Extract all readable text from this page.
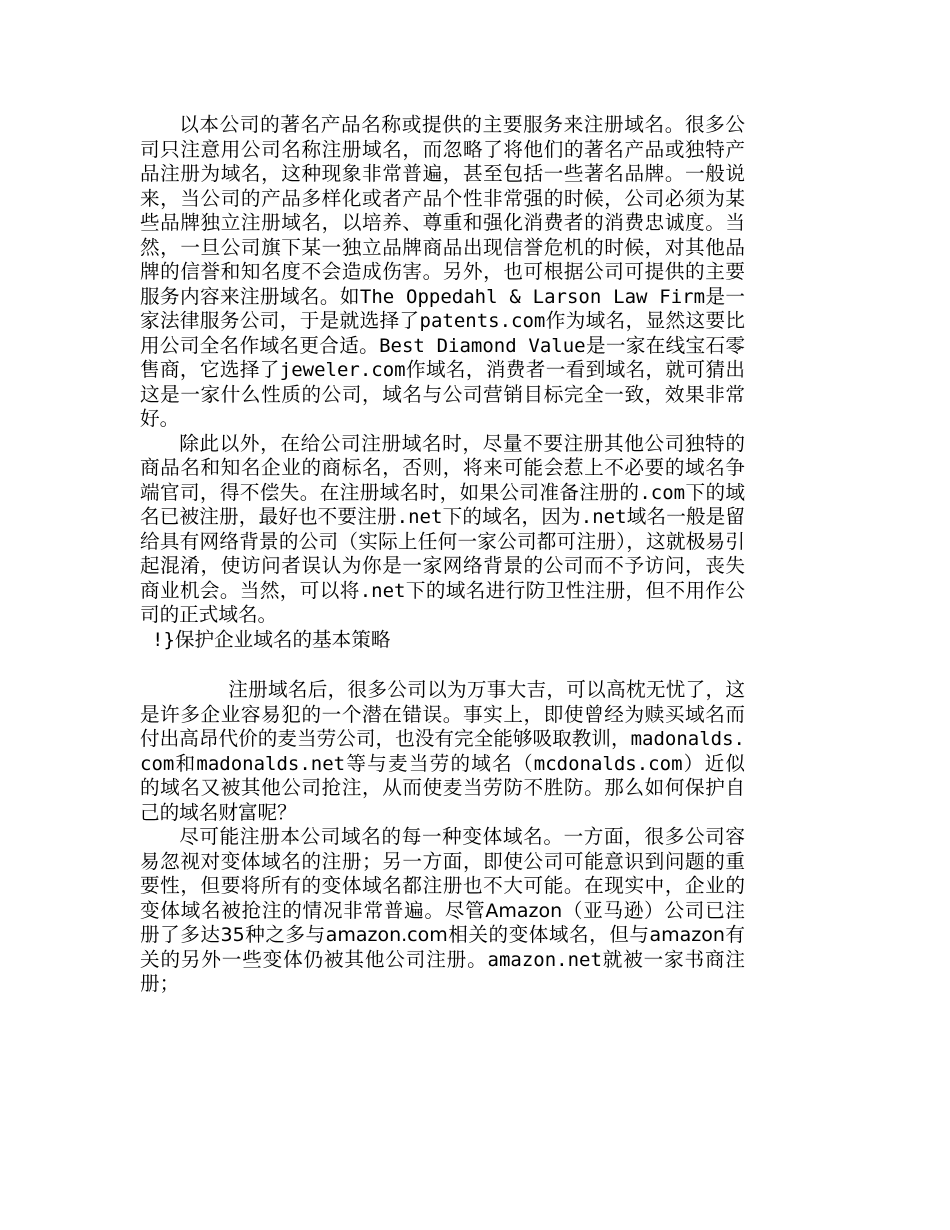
以本公司的著名产品名称或提供的主要服务来注册域名。很多公司只注意用公司名称注册域名，而忽略了将他们的著名产品或独特产品注册为域名，这种现象非常普遍，甚至包括一些著名品牌。一般说来，当公司的产品多样化或者产品个性非常强的时候，公司必须为某些品牌独立注册域名，以培养、尊重和强化消费者的消费忠诚度。当然，一旦公司旗下某一独立品牌商品出现信誉危机的时候，对其他品牌的信誉和知名度不会造成伤害。另外，也可根据公司可提供的主要服务内容来注册域名。如The Oppedahl & Larson Law Firm是一家法律服务公司，于是就选择了patents.com作为域名，显然这要比用公司全名作域名更合适。Best Diamond Value是一家在线宝石零售商，它选择了jeweler.com作域名，消费者一看到域名，就可猜出这是一家什么性质的公司，域名与公司营销目标完全一致，效果非常好。

除此以外，在给公司注册域名时，尽量不要注册其他公司独特的商品名和知名企业的商标名，否则，将来可能会惹上不必要的域名争端官司，得不偿失。在注册域名时，如果公司准备注册的.com下的域名已被注册，最好也不要注册.net下的域名，因为.net域名一般是留给具有网络背景的公司（实际上任何一家公司都可注册），这就极易引起混淆，使访问者误认为你是一家网络背景的公司而不予访问，丧失商业机会。当然，可以将.net下的域名进行防卫性注册，但不用作公司的正式域名。

!}保护企业域名的基本策略

注册域名后，很多公司以为万事大吉，可以高枕无忧了，这是许多企业容易犯的一个潜在错误。事实上，即使曾经为赎买域名而付出高昂代价的麦当劳公司，也没有完全能够吸取教训，madonalds.com和madonalds.net等与麦当劳的域名（mcdonalds.com）近似的域名又被其他公司抢注，从而使麦当劳防不胜防。那么如何保护自己的域名财富呢？

尽可能注册本公司域名的每一种变体域名。一方面，很多公司容易忽视对变体域名的注册；另一方面，即使公司可能意识到问题的重要性，但要将所有的变体域名都注册也不大可能。在现实中，企业的变体域名被抢注的情况非常普遍。尽管Amazon（亚马逊）公司已注册了多达35种之多与amazon.com相关的变体域名，但与amazon有关的另外一些变体仍被其他公司注册。amazon.net就被一家书商注册；
